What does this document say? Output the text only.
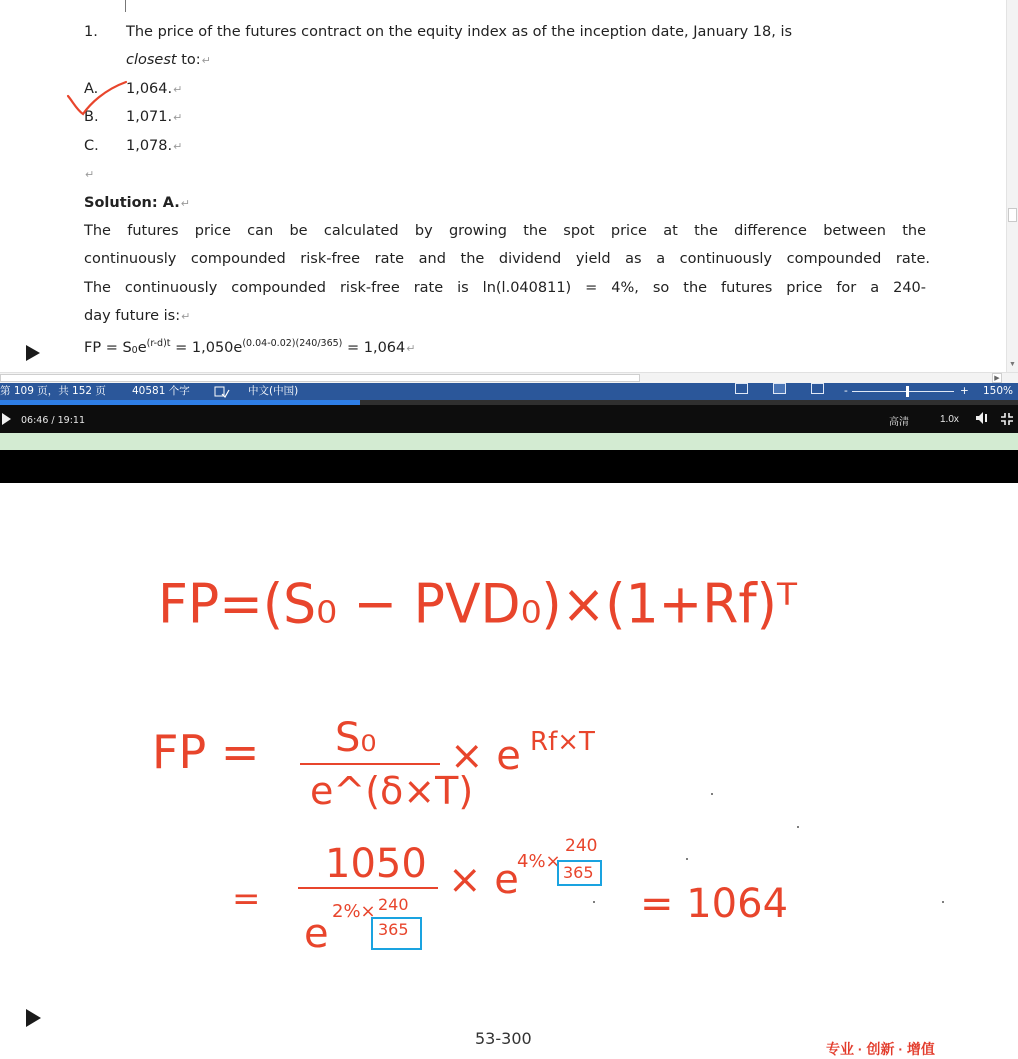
1. The price of the futures contract on the equity index as of the inception date, January 18, is
closest to:↵
A. 1,064.↵
B. 1,071.↵
C. 1,078.↵
↵
Solution: A.↵
The futures price can be calculated by growing the spot price at the difference between the
continuously compounded risk-free rate and the dividend yield as a continuously compounded rate.
The continuously compounded risk-free rate is ln(l.040811) = 4%, so the futures price for a 240-
day future is:↵
FP = $S_0e^{(r-d)t} = 1,050e^{(0.04-0.02)(240/365)}$ = 1,064↵
▼
▶
第 109 页，共 152 页 40581 个字	中文(中国)	-	+ 150%
06:46 / 19:11	高清	1.0x
FP=(S₀ − PVD₀)×(1+Rf)ᵀ
FP = S₀
e^(δ×T)
× e Rf×T
=
1050
e 2%× 240
365
× e
4%×
240
365
= 1064
53-300
专业 · 创新 · 增值
